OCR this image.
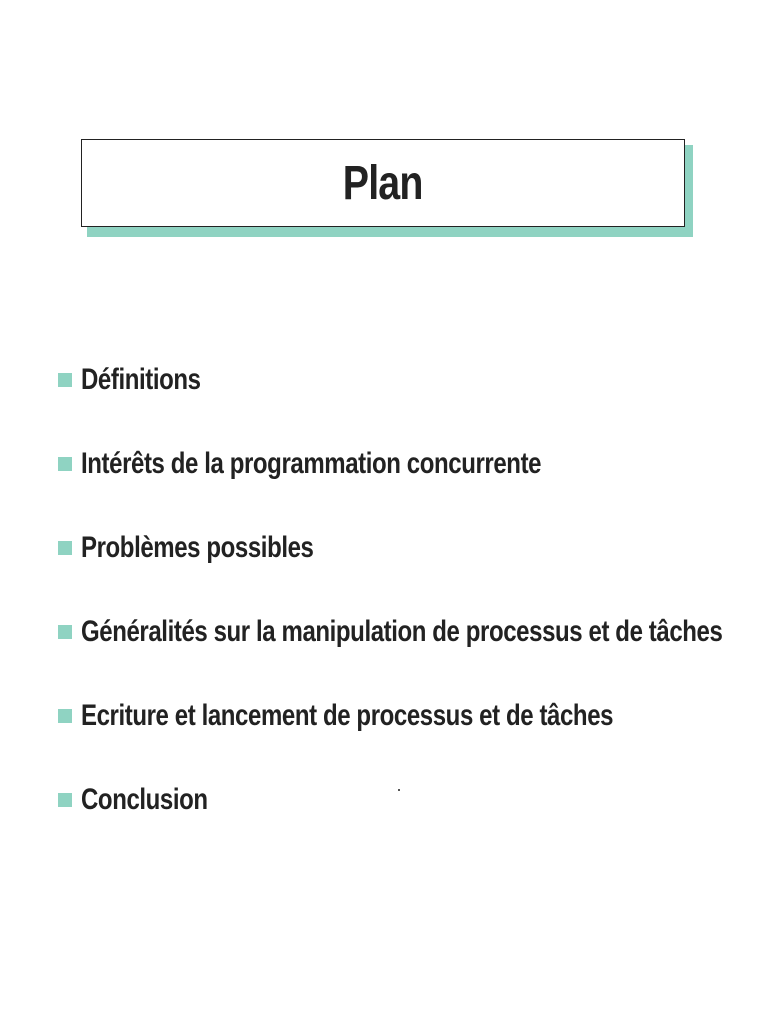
Plan
Définitions
Intérêts de la programmation concurrente
Problèmes possibles
Généralités sur la manipulation de processus et de tâches
Ecriture et lancement de processus et de tâches
Conclusion
